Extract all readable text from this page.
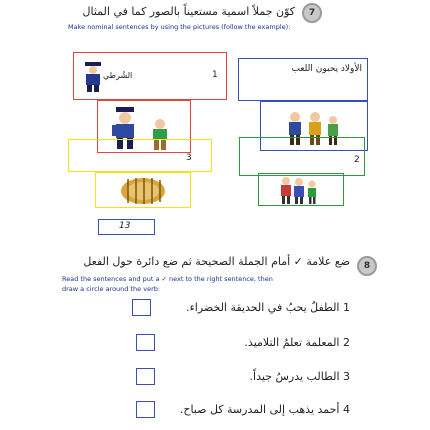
7
كوّن جملاً اسمية مستعيناً بالصور كما في المثال
Make nominal sentences by using the pictures (follow the example):
1
الشُرطي
الأولاد يحبون اللعب
3	2
13
8
ضع علامة ✓ أمام الجملة الصحيحة ثم ضع دائرة حول الفعل
Read the sentences and put a ✓ next to the right sentence, then
draw a circle around the verb:
1 الطفلُ يحبُ في الحديقة الخضراء.
2 المعلمة تعلمُ التلاميذ.
3 الطالب يدرسُ جيداً.
4 أحمد يذهب إلى المدرسة كل صباح.
